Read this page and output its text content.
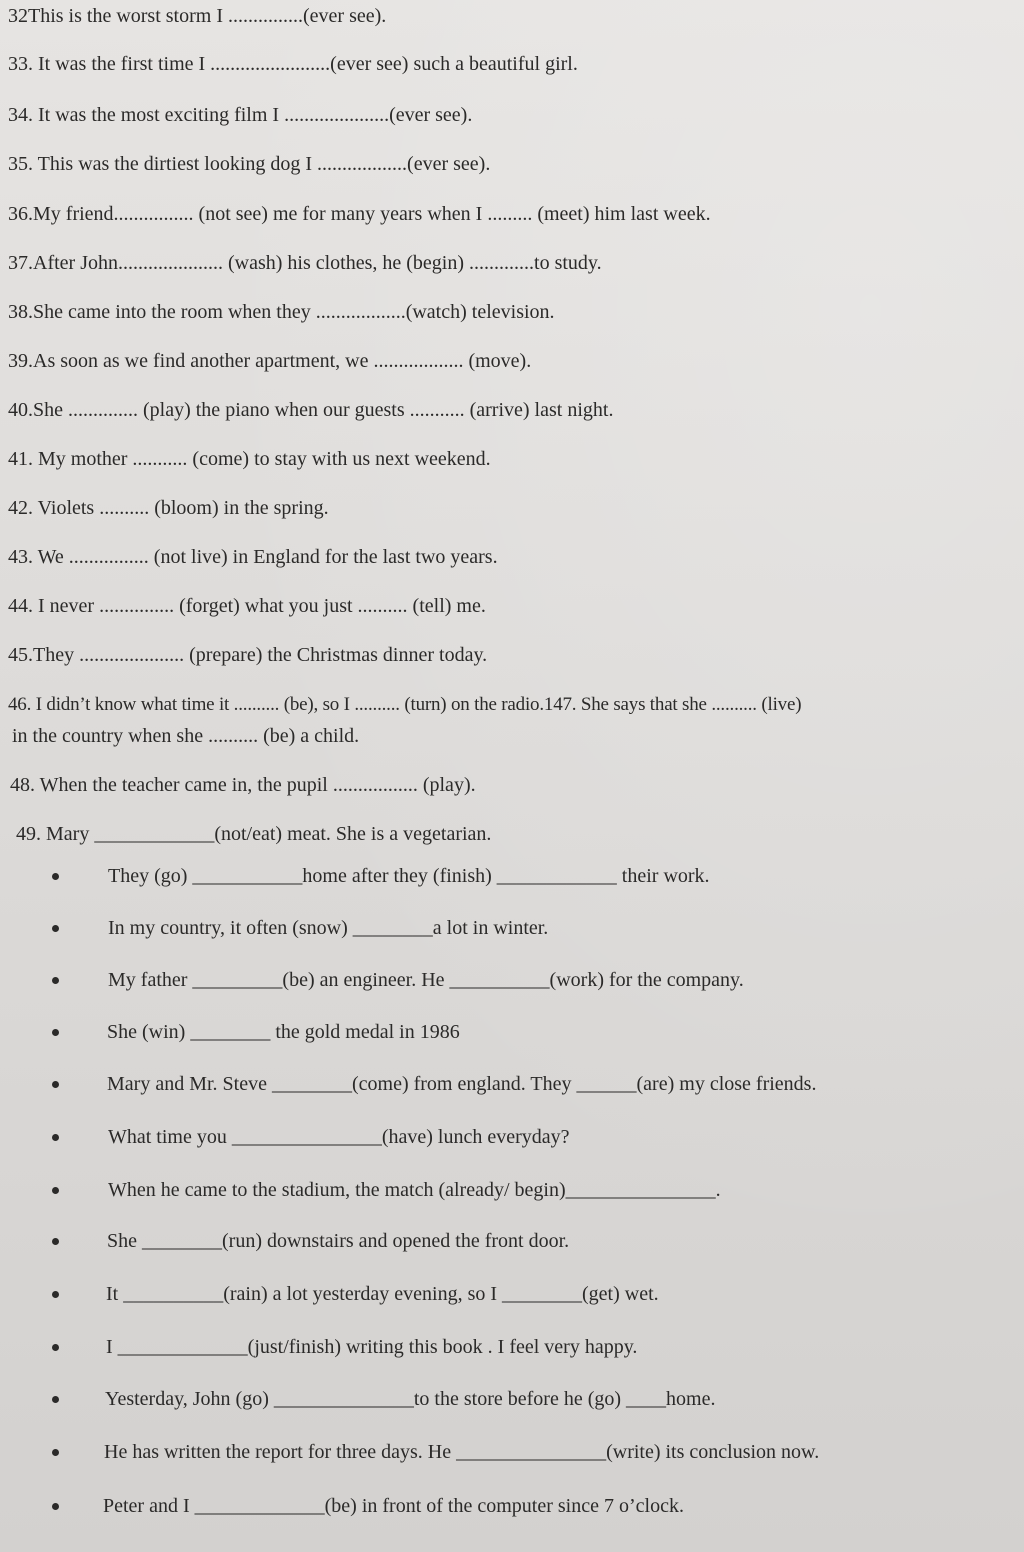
32This is the worst storm I ...............(ever see).
33. It was the first time I ........................(ever see) such a beautiful girl.
34. It was the most exciting film I .....................(ever see).
35. This was the dirtiest looking dog I ..................(ever see).
36.My friend................ (not see) me for many years when I ......... (meet) him last week.
37.After John..................... (wash) his clothes, he (begin) .............to study.
38.She came into the room when they ..................(watch) television.
39.As soon as we find another apartment, we .................. (move).
40.She .............. (play) the piano when our guests ........... (arrive) last night.
41. My mother ........... (come) to stay with us next weekend.
42. Violets .......... (bloom) in the spring.
43. We ................ (not live) in England for the last two years.
44. I never ............... (forget) what you just .......... (tell) me.
45.They ..................... (prepare) the Christmas dinner today.
46. I didn’t know what time it .......... (be), so I .......... (turn) on the radio.147. She says that she .......... (live)
in the country when she .......... (be) a child.
48. When the teacher came in, the pupil ................. (play).
49. Mary ____________(not/eat) meat. She is a vegetarian.
They (go) ___________home after they (finish) ____________ their work.
In my country, it often (snow) ________a lot in winter.
My father _________(be) an engineer. He __________(work) for the company.
She (win) ________ the gold medal in 1986
Mary and Mr. Steve ________(come) from england. They ______(are) my close friends.
What time you _______________(have) lunch everyday?
When he came to the stadium, the match (already/ begin)_______________.
She ________(run) downstairs and opened the front door.
It __________(rain) a lot yesterday evening, so I ________(get) wet.
I _____________(just/finish) writing this book . I feel very happy.
Yesterday, John (go) ______________to the store before he (go) ____home.
He has written the report for three days. He _______________(write) its conclusion now.
Peter and I _____________(be) in front of the computer since 7 o’clock.
